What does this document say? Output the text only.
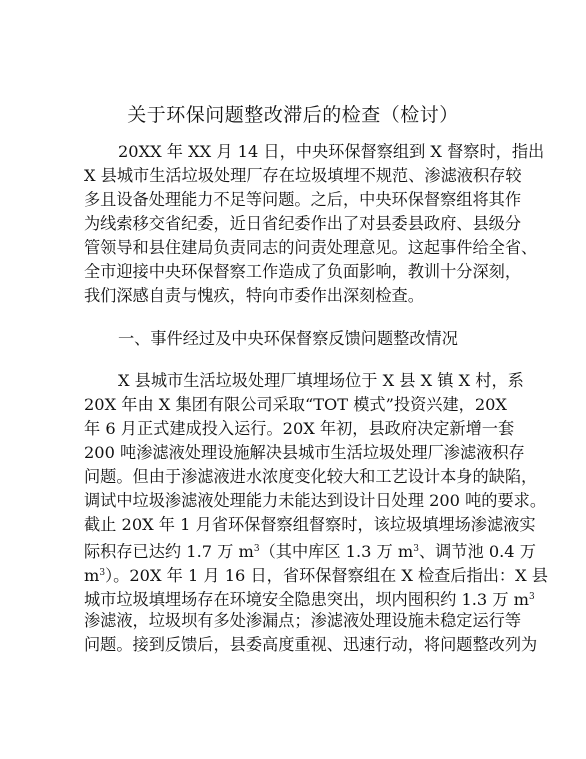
关于环保问题整改滞后的检查（检讨）
20XX 年 XX 月 14 日，中央环保督察组到 X 督察时，指出
X 县城市生活垃圾处理厂存在垃圾填埋不规范、渗滤液积存较
多且设备处理能力不足等问题。之后，中央环保督察组将其作
为线索移交省纪委，近日省纪委作出了对县委县政府、县级分
管领导和县住建局负责同志的问责处理意见。这起事件给全省、
全市迎接中央环保督察工作造成了负面影响，教训十分深刻，
我们深感自责与愧疚，特向市委作出深刻检查。
一、事件经过及中央环保督察反馈问题整改情况
X 县城市生活垃圾处理厂填埋场位于 X 县 X 镇 X 村，系
20X 年由 X 集团有限公司采取“TOT 模式”投资兴建，20X
年 6 月正式建成投入运行。20X 年初，县政府决定新增一套
200 吨渗滤液处理设施解决县城市生活垃圾处理厂渗滤液积存
问题。但由于渗滤液进水浓度变化较大和工艺设计本身的缺陷，
调试中垃圾渗滤液处理能力未能达到设计日处理 200 吨的要求。
截止 20X 年 1 月省环保督察组督察时，该垃圾填埋场渗滤液实
际积存已达约 1.7 万 $m^3$（其中库区 1.3 万 $m^3$、调节池 0.4 万
$m^3$）。20X 年 1 月 16 日，省环保督察组在 X 检查后指出：X 县
城市垃圾填埋场存在环境安全隐患突出，坝内囤积约 1.3 万 $m^3$
渗滤液，垃圾坝有多处渗漏点；渗滤液处理设施未稳定运行等
问题。接到反馈后，县委高度重视、迅速行动，将问题整改列为
